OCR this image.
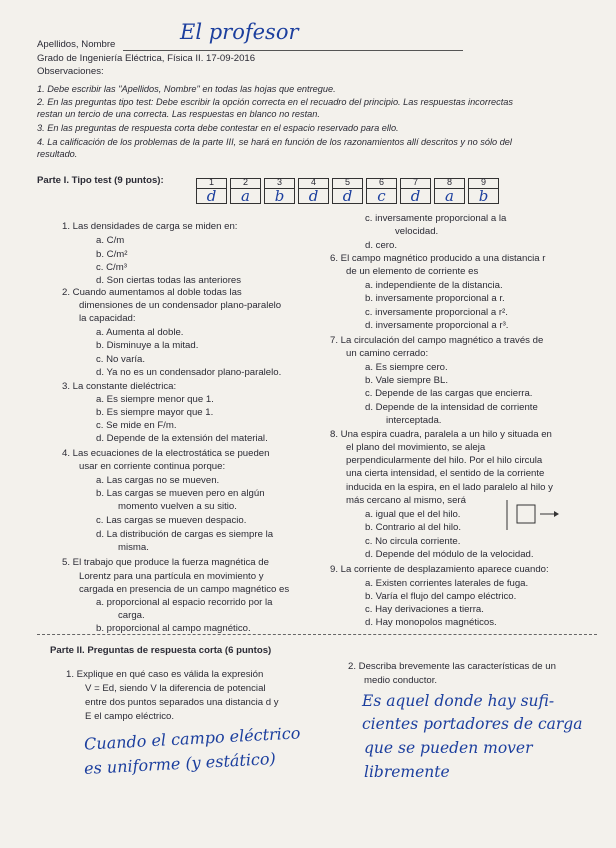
Apellidos, Nombre
El profesor
Grado de Ingeniería Eléctrica, Física II. 17-09-2016
Observaciones:
1. Debe escribir las "Apellidos, Nombre" en todas las hojas que entregue.
2. En las preguntas tipo test: Debe escribir la opción correcta en el recuadro del principio. Las respuestas incorrectas
restan un tercio de una correcta. Las respuestas en blanco no restan.
3. En las preguntas de respuesta corta debe contestar en el espacio reservado para ello.
4. La calificación de los problemas de la parte III, se hará en función de los razonamientos allí descritos y no sólo del
resultado.
Parte I. Tipo test (9 puntos):	1
d
2
a
3
b
4
d
5
d
6
c
7
d
8
a
9
b
1. Las densidades de carga se miden en:
a. C/m
b. C/m²
c. C/m³
d. Son ciertas todas las anteriores
2. Cuando aumentamos al doble todas las
dimensiones de un condensador plano-paralelo
la capacidad:
a. Aumenta al doble.
b. Disminuye a la mitad.
c. No varía.
d. Ya no es un condensador plano-paralelo.
3. La constante dieléctrica:
a. Es siempre menor que 1.
b. Es siempre mayor que 1.
c. Se mide en F/m.
d. Depende de la extensión del material.
4. Las ecuaciones de la electrostática se pueden
usar en corriente continua porque:
a. Las cargas no se mueven.
b. Las cargas se mueven pero en algún
momento vuelven a su sitio.
c. Las cargas se mueven despacio.
d. La distribución de cargas es siempre la
misma.
5. El trabajo que produce la fuerza magnética de
Lorentz para una partícula en movimiento y
cargada en presencia de un campo magnético es
a. proporcional al espacio recorrido por la
carga.
b. proporcional al campo magnético.
c. inversamente proporcional a la
velocidad.
d. cero.
6. El campo magnético producido a una distancia r
de un elemento de corriente es
a. independiente de la distancia.
b. inversamente proporcional a r.
c. inversamente proporcional a r².
d. inversamente proporcional a r³.
7. La circulación del campo magnético a través de
un camino cerrado:
a. Es siempre cero.
b. Vale siempre BL.
c. Depende de las cargas que encierra.
d. Depende de la intensidad de corriente
interceptada.
8. Una espira cuadra, paralela a un hilo y situada en
el plano del movimiento, se aleja
perpendicularmente del hilo. Por el hilo circula
una cierta intensidad, el sentido de la corriente
inducida en la espira, en el lado paralelo al hilo y
más cercano al mismo, será
a. igual que el del hilo.
b. Contrario al del hilo.
c. No circula corriente.
d. Depende del módulo de la velocidad.
9. La corriente de desplazamiento aparece cuando:
a. Existen corrientes laterales de fuga.
b. Varía el flujo del campo eléctrico.
c. Hay derivaciones a tierra.
d. Hay monopolos magnéticos.
Parte II. Preguntas de respuesta corta (6 puntos)
1. Explique en qué caso es válida la expresión
V = Ed, siendo V la diferencia de potencial
entre dos puntos separados una distancia d y
E el campo eléctrico.
Cuando el campo eléctrico
es uniforme (y estático)
2. Describa brevemente las características de un
medio conductor.
Es aquel donde hay sufi-
cientes portadores de carga
que se pueden mover
libremente
